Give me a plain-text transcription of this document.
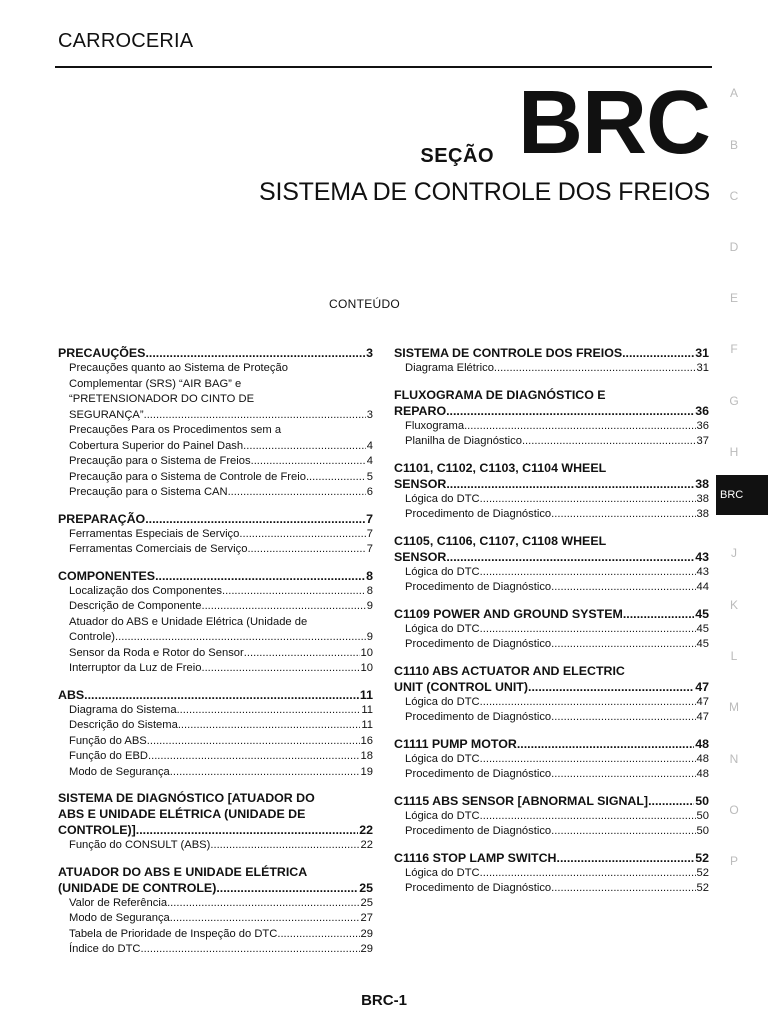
CARROCERIA
SEÇÃO BRC
SISTEMA DE CONTROLE DOS FREIOS
CONTEÚDO
A
B
C
D
E
F
G
H
BRC
J
K
L
M
N
O
P
PRECAUÇÕES .....	3
Precauções quanto ao Sistema de Proteção
Complementar (SRS) “AIR BAG” e
“PRETENSIONADOR DO CINTO DE
SEGURANÇA” .....	3
Precauções Para os Procedimentos sem a
Cobertura Superior do Painel Dash .....	4
Precaução para o Sistema de Freios .....	4
Precaução para o Sistema de Controle de Freio .....	5
Precaução para o Sistema CAN .....	6
PREPARAÇÃO .....	7
Ferramentas Especiais de Serviço .....	7
Ferramentas Comerciais de Serviço .....	7
COMPONENTES .....	8
Localização dos Componentes .....	8
Descrição de Componente .....	9
Atuador do ABS e Unidade Elétrica (Unidade de
Controle) .....	9
Sensor da Roda e Rotor do Sensor .....	10
Interruptor da Luz de Freio .....	10
ABS .....	11
Diagrama do Sistema .....	11
Descrição do Sistema .....	11
Função do ABS .....	16
Função do EBD .....	18
Modo de Segurança .....	19
SISTEMA DE DIAGNÓSTICO [ATUADOR DO
ABS E UNIDADE ELÉTRICA (UNIDADE DE
CONTROLE)] .....	22
Função do CONSULT (ABS) .....	22
ATUADOR DO ABS E UNIDADE ELÉTRICA
(UNIDADE DE CONTROLE) .....	25
Valor de Referência .....	25
Modo de Segurança .....	27
Tabela de Prioridade de Inspeção do DTC .....	29
Índice do DTC .....	29
SISTEMA DE CONTROLE DOS FREIOS .....	31
Diagrama Elétrico .....	31
FLUXOGRAMA DE DIAGNÓSTICO E
REPARO .....	36
Fluxograma .....	36
Planilha de Diagnóstico .....	37
C1101, C1102, C1103, C1104 WHEEL
SENSOR .....	38
Lógica do DTC .....	38
Procedimento de Diagnóstico .....	38
C1105, C1106, C1107, C1108 WHEEL
SENSOR .....	43
Lógica do DTC .....	43
Procedimento de Diagnóstico .....	44
C1109 POWER AND GROUND SYSTEM .....	45
Lógica do DTC .....	45
Procedimento de Diagnóstico .....	45
C1110 ABS ACTUATOR AND ELECTRIC
UNIT (CONTROL UNIT) .....	47
Lógica do DTC .....	47
Procedimento de Diagnóstico .....	47
C1111 PUMP MOTOR .....	48
Lógica do DTC .....	48
Procedimento de Diagnóstico .....	48
C1115 ABS SENSOR [ABNORMAL SIGNAL] .....	50
Lógica do DTC .....	50
Procedimento de Diagnóstico .....	50
C1116 STOP LAMP SWITCH .....	52
Lógica do DTC .....	52
Procedimento de Diagnóstico .....	52
BRC-1
